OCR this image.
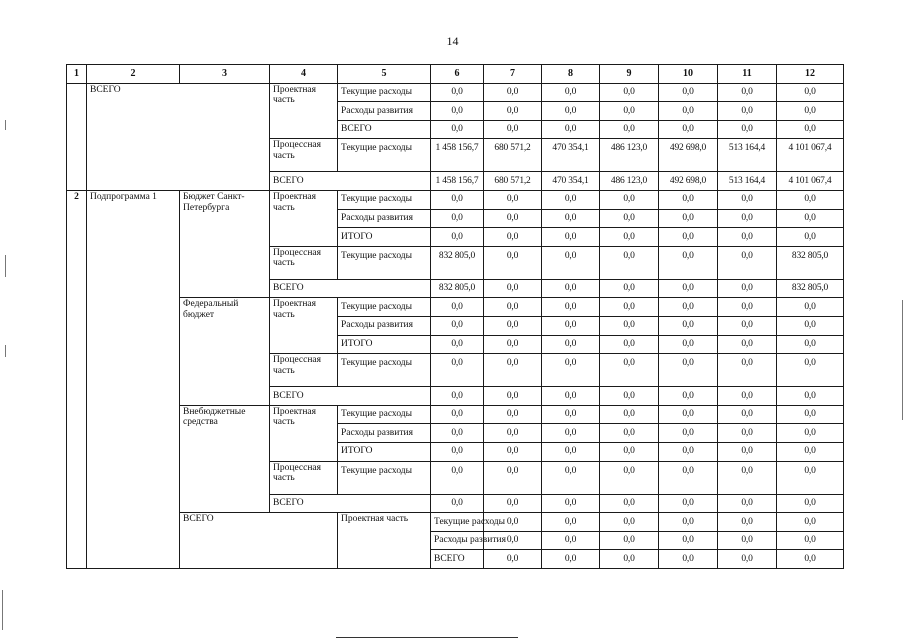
14
1	2	3	4	5	6	7	8	9	10	11	12	
	ВСЕГО		Проектная часть	Текущие расходы	0,0	0,0	0,0	0,0	0,0	0,0	0,0	
				Расходы развития	0,0	0,0	0,0	0,0	0,0	0,0	0,0	
				ВСЕГО	0,0	0,0	0,0	0,0	0,0	0,0	0,0	
			Процессная часть	Текущие расходы	1 458 156,7	680 571,2	470 354,1	486 123,0	492 698,0	513 164,4	4 101 067,4	
			ВСЕГО		1 458 156,7	680 571,2	470 354,1	486 123,0	492 698,0	513 164,4	4 101 067,4	
2	Подпрограмма 1	Бюджет Санкт-Петербурга	Проектная часть	Текущие расходы	0,0	0,0	0,0	0,0	0,0	0,0	0,0	
				Расходы развития	0,0	0,0	0,0	0,0	0,0	0,0	0,0	
				ИТОГО	0,0	0,0	0,0	0,0	0,0	0,0	0,0	
			Процессная часть	Текущие расходы	832 805,0	0,0	0,0	0,0	0,0	0,0	832 805,0	
			ВСЕГО		832 805,0	0,0	0,0	0,0	0,0	0,0	832 805,0	
		Федеральный бюджет	Проектная часть	Текущие расходы	0,0	0,0	0,0	0,0	0,0	0,0	0,0	
				Расходы развития	0,0	0,0	0,0	0,0	0,0	0,0	0,0	
				ИТОГО	0,0	0,0	0,0	0,0	0,0	0,0	0,0	
			Процессная часть	Текущие расходы	0,0	0,0	0,0	0,0	0,0	0,0	0,0	
			ВСЕГО		0,0	0,0	0,0	0,0	0,0	0,0	0,0	
		Внебюджетные средства	Проектная часть	Текущие расходы	0,0	0,0	0,0	0,0	0,0	0,0	0,0	
				Расходы развития	0,0	0,0	0,0	0,0	0,0	0,0	0,0	
				ИТОГО	0,0	0,0	0,0	0,0	0,0	0,0	0,0	
			Процессная часть	Текущие расходы	0,0	0,0	0,0	0,0	0,0	0,0	0,0	
			ВСЕГО		0,0	0,0	0,0	0,0	0,0	0,0	0,0	
		ВСЕГО		Проектная часть	Текущие расходы	0,0	0,0	0,0	0,0	0,0	0,0	
					Расходы развития	0,0	0,0	0,0	0,0	0,0	0,0	
					ВСЕГО	0,0	0,0	0,0	0,0	0,0	0,0	
